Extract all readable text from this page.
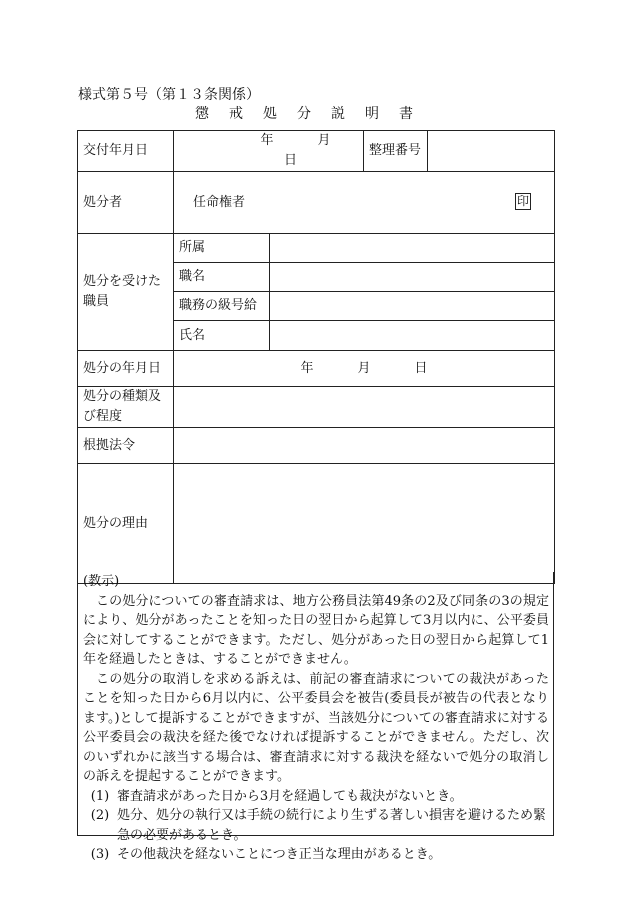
様式第５号（第１３条関係）
懲 戒 処 分 説 明 書
交付年月日	年 月日		整理番号	
処分者	任命権者 印			

処分を受けた職員	所属			
	職名			
	職務の級号給			
	氏名			
処分の年月日	年 月 日			
処分の種類及び程度				
根拠法令				
処分の理由				

(教示)

この処分についての審査請求は、地方公務員法第49条の2及び同条の3の規定により、処分があったことを知った日の翌日から起算して3月以内に、公平委員会に対してすることができます。ただし、処分があった日の翌日から起算して1年を経過したときは、することができません。

この処分の取消しを求める訴えは、前記の審査請求についての裁決があったことを知った日から6月以内に、公平委員会を被告(委員長が被告の代表となります。)として提訴することができますが、当該処分についての審査請求に対する公平委員会の裁決を経た後でなければ提訴することができません。ただし、次のいずれかに該当する場合は、審査請求に対する裁決を経ないで処分の取消しの訴えを提起することができます。

(1) 審査請求があった日から3月を経過しても裁決がないとき。

(2) 処分、処分の執行又は手続の続行により生ずる著しい損害を避けるため緊急の必要があるとき。

(3) その他裁決を経ないことにつき正当な理由があるとき。
